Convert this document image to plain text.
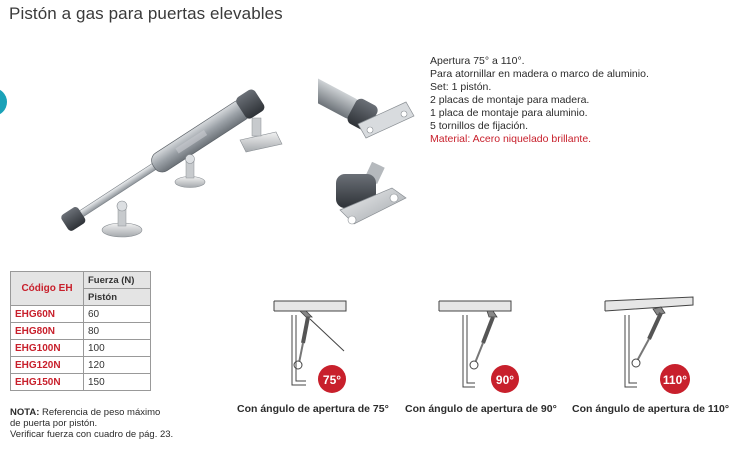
Pistón a gas para puertas elevables
Apertura 75° a 110°.
Para atornillar en madera o marco de aluminio.
Set: 1 pistón.
2 placas de montaje para madera.
1 placa de montaje para aluminio.
5 tornillos de fijación.
Material: Acero niquelado brillante.
Código EH	Fuerza (N)
	Pistón
EHG60N	60
EHG80N	80
EHG100N	100
EHG120N	120
EHG150N	150
NOTA: Referencia de peso máximo
de puerta por pistón.
Verificar fuerza con cuadro de pág. 23.
75°	90°	110°
Con ángulo de apertura de 75° Con ángulo de apertura de 90° Con ángulo de apertura de 110°
